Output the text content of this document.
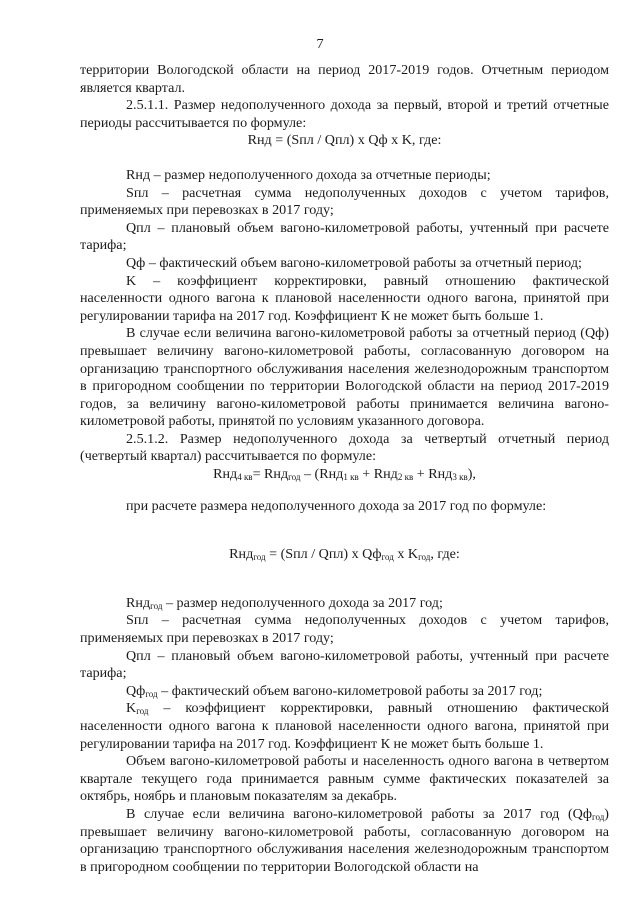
7

территории Вологодской области на период 2017-2019 годов. Отчетным периодом является квартал.

2.5.1.1. Размер недополученного дохода за первый, второй и третий отчетные периоды рассчитывается по формуле:

Rнд = (Sпл / Qпл) х Qф х K, где:

Rнд – размер недополученного дохода за отчетные периоды;

Sпл – расчетная сумма недополученных доходов с учетом тарифов, применяемых при перевозках в 2017 году;

Qпл – плановый объем вагоно-километровой работы, учтенный при расчете тарифа;

Qф – фактический объем вагоно-километровой работы за отчетный период;

K – коэффициент корректировки, равный отношению фактической населенности одного вагона к плановой населенности одного вагона, принятой при регулировании тарифа на 2017 год. Коэффициент К не может быть больше 1.

В случае если величина вагоно-километровой работы за отчетный период (Qф) превышает величину вагоно-километровой работы, согласованную договором на организацию транспортного обслуживания населения железнодорожным транспортом в пригородном сообщении по территории Вологодской области на период 2017-2019 годов, за величину вагоно-километровой работы принимается величина вагоно-километровой работы, принятой по условиям указанного договора.

2.5.1.2. Размер недополученного дохода за четвертый отчетный период (четвертый квартал) рассчитывается по формуле:

Rнд$_{4 кв}$= Rнд$_{год}$ – (Rнд$_{1 кв}$ + Rнд$_{2 кв}$ + Rнд$_{3 кв}$),

при расчете размера недополученного дохода за 2017 год по формуле:

Rнд$_{год}$ = (Sпл / Qпл) х $Qф_{год}$ х $K_{год}$, где:

Rнд$_{год}$ – размер недополученного дохода за 2017 год;

Sпл – расчетная сумма недополученных доходов с учетом тарифов, применяемых при перевозках в 2017 году;

Qпл – плановый объем вагоно-километровой работы, учтенный при расчете тарифа;

$Qф_{год}$ – фактический объем вагоно-километровой работы за 2017 год;

$K_{год}$ – коэффициент корректировки, равный отношению фактической населенности одного вагона к плановой населенности одного вагона, принятой при регулировании тарифа на 2017 год. Коэффициент К не может быть больше 1.

Объем вагоно-километровой работы и населенность одного вагона в четвертом квартале текущего года принимается равным сумме фактических показателей за октябрь, ноябрь и плановым показателям за декабрь.

В случае если величина вагоно-километровой работы за 2017 год $(Qф_{год})$ превышает величину вагоно-километровой работы, согласованную договором на организацию транспортного обслуживания населения железнодорожным транспортом в пригородном сообщении по территории Вологодской области на
